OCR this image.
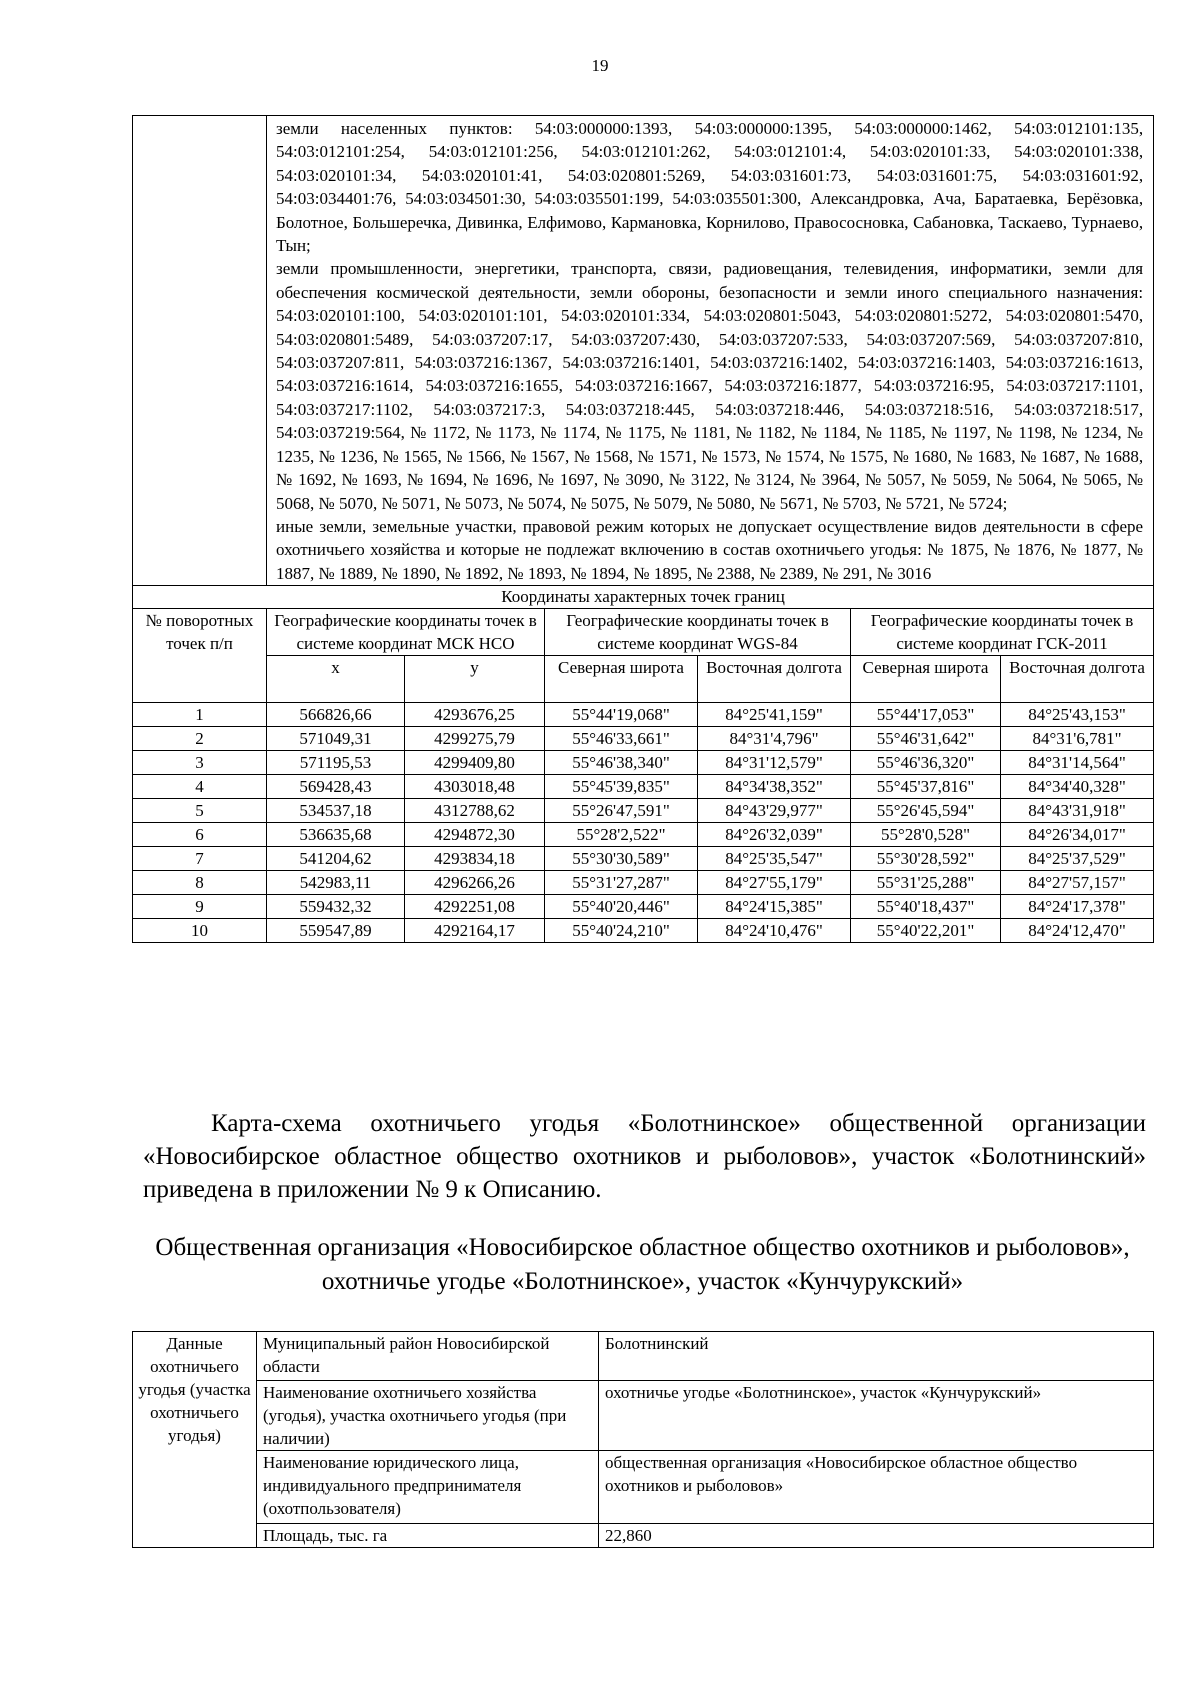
19

	земли населенных пунктов: 54:03:000000:1393, 54:03:000000:1395, 54:03:000000:1462, 54:03:012101:135, 54:03:012101:254, 54:03:012101:256, 54:03:012101:262, 54:03:012101:4, 54:03:020101:33, 54:03:020101:338, 54:03:020101:34, 54:03:020101:41, 54:03:020801:5269, 54:03:031601:73, 54:03:031601:75, 54:03:031601:92, 54:03:034401:76, 54:03:034501:30, 54:03:035501:199, 54:03:035501:300, Александровка, Ача, Баратаевка, Берёзовка, Болотное, Большеречка, Дивинка, Елфимово, Кармановка, Корнилово, Правососновка, Сабановка, Таскаево, Турнаево, Тын;

земли промышленности, энергетики, транспорта, связи, радиовещания, телевидения, информатики, земли для обеспечения космической деятельности, земли обороны, безопасности и земли иного специального назначения: 54:03:020101:100, 54:03:020101:101, 54:03:020101:334, 54:03:020801:5043, 54:03:020801:5272, 54:03:020801:5470, 54:03:020801:5489, 54:03:037207:17, 54:03:037207:430, 54:03:037207:533, 54:03:037207:569, 54:03:037207:810, 54:03:037207:811, 54:03:037216:1367, 54:03:037216:1401, 54:03:037216:1402, 54:03:037216:1403, 54:03:037216:1613, 54:03:037216:1614, 54:03:037216:1655, 54:03:037216:1667, 54:03:037216:1877, 54:03:037216:95, 54:03:037217:1101, 54:03:037217:1102, 54:03:037217:3, 54:03:037218:445, 54:03:037218:446, 54:03:037218:516, 54:03:037218:517, 54:03:037219:564, № 1172, № 1173, № 1174, № 1175, № 1181, № 1182, № 1184, № 1185, № 1197, № 1198, № 1234, № 1235, № 1236, № 1565, № 1566, № 1567, № 1568, № 1571, № 1573, № 1574, № 1575, № 1680, № 1683, № 1687, № 1688, № 1692, № 1693, № 1694, № 1696, № 1697, № 3090, № 3122, № 3124, № 3964, № 5057, № 5059, № 5064, № 5065, № 5068, № 5070, № 5071, № 5073, № 5074, № 5075, № 5079, № 5080, № 5671, № 5703, № 5721, № 5724;

иные земли, земельные участки, правовой режим которых не допускает осуществление видов деятельности в сфере охотничьего хозяйства и которые не подлежат включению в состав охотничьего угодья: № 1875, № 1876, № 1877, № 1887, № 1889, № 1890, № 1892, № 1893, № 1894, № 1895, № 2388, № 2389, № 291, № 3016					

Координаты характерных точек границ						
№ поворотных точек п/п	Географические координаты точек в системе координат МСК НСО		Географические координаты точек в системе координат WGS-84		Географические координаты точек в системе координат ГСК-2011	
	x	y	Северная широта	Восточная долгота	Северная широта	Восточная долгота
1	566826,66	4293676,25	55°44'19,068"	84°25'41,159"	55°44'17,053"	84°25'43,153"
2	571049,31	4299275,79	55°46'33,661"	84°31'4,796"	55°46'31,642"	84°31'6,781"
3	571195,53	4299409,80	55°46'38,340"	84°31'12,579"	55°46'36,320"	84°31'14,564"
4	569428,43	4303018,48	55°45'39,835"	84°34'38,352"	55°45'37,816"	84°34'40,328"
5	534537,18	4312788,62	55°26'47,591"	84°43'29,977"	55°26'45,594"	84°43'31,918"
6	536635,68	4294872,30	55°28'2,522"	84°26'32,039"	55°28'0,528"	84°26'34,017"
7	541204,62	4293834,18	55°30'30,589"	84°25'35,547"	55°30'28,592"	84°25'37,529"
8	542983,11	4296266,26	55°31'27,287"	84°27'55,179"	55°31'25,288"	84°27'57,157"
9	559432,32	4292251,08	55°40'20,446"	84°24'15,385"	55°40'18,437"	84°24'17,378"
10	559547,89	4292164,17	55°40'24,210"	84°24'10,476"	55°40'22,201"	84°24'12,470"
Карта-схема охотничьего угодья «Болотнинское» общественной организации «Новосибирское областное общество охотников и рыболовов», участок «Болотнинский» приведена в приложении № 9 к Описанию.
Общественная организация «Новосибирское областное общество охотников и рыболовов», охотничье угодье «Болотнинское», участок «Кунчурукский»
Данные охотничьего угодья (участка охотничьего угодья)	Муниципальный район Новосибирской области	Болотнинский
	Наименование охотничьего хозяйства (угодья), участка охотничьего угодья (при наличии)	охотничье угодье «Болотнинское», участок «Кунчурукский»
	Наименование юридического лица, индивидуального предпринимателя (охотпользователя)	общественная организация «Новосибирское областное общество охотников и рыболовов»
	Площадь, тыс. га	22,860
